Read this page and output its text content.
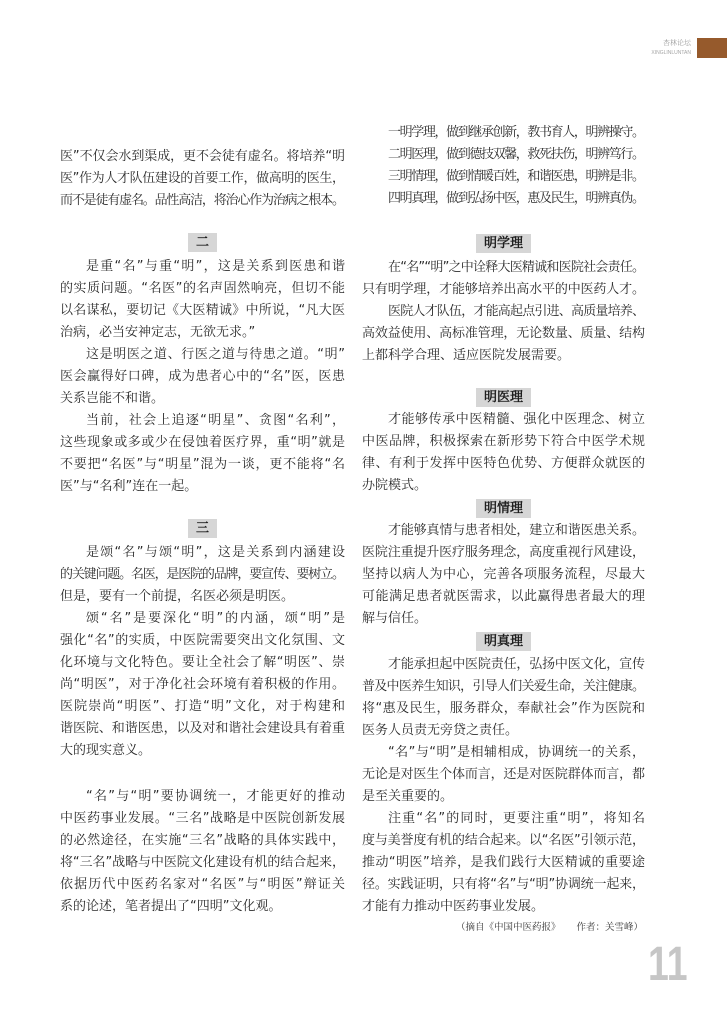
杏林论坛
XINGLINLUNTAN
医”不仅会水到渠成，更不会徒有虚名。将培养“明
医”作为人才队伍建设的首要工作，做高明的医生，
而不是徒有虚名。品性高洁，将治心作为治病之根本。
二
是重“名”与重“明”，这是关系到医患和谐
的实质问题。“名医”的名声固然响亮，但切不能
以名谋私，要切记《大医精诚》中所说，“凡大医
治病，必当安神定志，无欲无求。”
这是明医之道、行医之道与待患之道。“明”
医会赢得好口碑，成为患者心中的“名”医，医患
关系岂能不和谐。
当前，社会上追逐“明星”、贪图“名利”，
这些现象或多或少在侵蚀着医疗界，重“明”就是
不要把“名医”与“明星”混为一谈，更不能将“名
医”与“名利”连在一起。
三
是颂“名”与颂“明”，这是关系到内涵建设
的关键问题。名医，是医院的品牌，要宣传、要树立。
但是，要有一个前提，名医必须是明医。
颂“名”是要深化“明”的内涵，颂“明”是
强化“名”的实质，中医院需要突出文化氛围、文
化环境与文化特色。要让全社会了解“明医”、崇
尚“明医”，对于净化社会环境有着积极的作用。
医院崇尚“明医”、打造“明”文化，对于构建和
谐医院、和谐医患，以及对和谐社会建设具有着重
大的现实意义。
“名”与“明”要协调统一，才能更好的推动
中医药事业发展。“三名”战略是中医院创新发展
的必然途径，在实施“三名”战略的具体实践中，
将“三名”战略与中医院文化建设有机的结合起来，
依据历代中医药名家对“名医”与“明医”辩证关
系的论述，笔者提出了“四明”文化观。
一明学理，做到继承创新，教书育人，明辨操守。
二明医理，做到德技双馨，救死扶伤，明辨笃行。
三明情理，做到情暖百姓，和谐医患，明辨是非。
四明真理，做到弘扬中医，惠及民生，明辨真伪。
明学理
在“名”“明”之中诠释大医精诚和医院社会责任。
只有明学理，才能够培养出高水平的中医药人才。
医院人才队伍，才能高起点引进、高质量培养、
高效益使用、高标准管理，无论数量、质量、结构
上都科学合理、适应医院发展需要。
明医理
才能够传承中医精髓、强化中医理念、树立
中医品牌，积极探索在新形势下符合中医学术规
律、有利于发挥中医特色优势、方便群众就医的
办院模式。
明情理
才能够真情与患者相处，建立和谐医患关系。
医院注重提升医疗服务理念，高度重视行风建设，
坚持以病人为中心，完善各项服务流程，尽最大
可能满足患者就医需求，以此赢得患者最大的理
解与信任。
明真理
才能承担起中医院责任，弘扬中医文化，宣传
普及中医养生知识，引导人们关爱生命，关注健康。
将“惠及民生，服务群众，奉献社会”作为医院和
医务人员责无旁贷之责任。
“名”与“明”是相辅相成，协调统一的关系，
无论是对医生个体而言，还是对医院群体而言，都
是至关重要的。
注重“名”的同时，更要注重“明”，将知名
度与美誉度有机的结合起来。以“名医”引领示范，
推动“明医”培养，是我们践行大医精诚的重要途
径。实践证明，只有将“名”与“明”协调统一起来，
才能有力推动中医药事业发展。
（摘自《中国中医药报》 作者：关雪峰）
11
